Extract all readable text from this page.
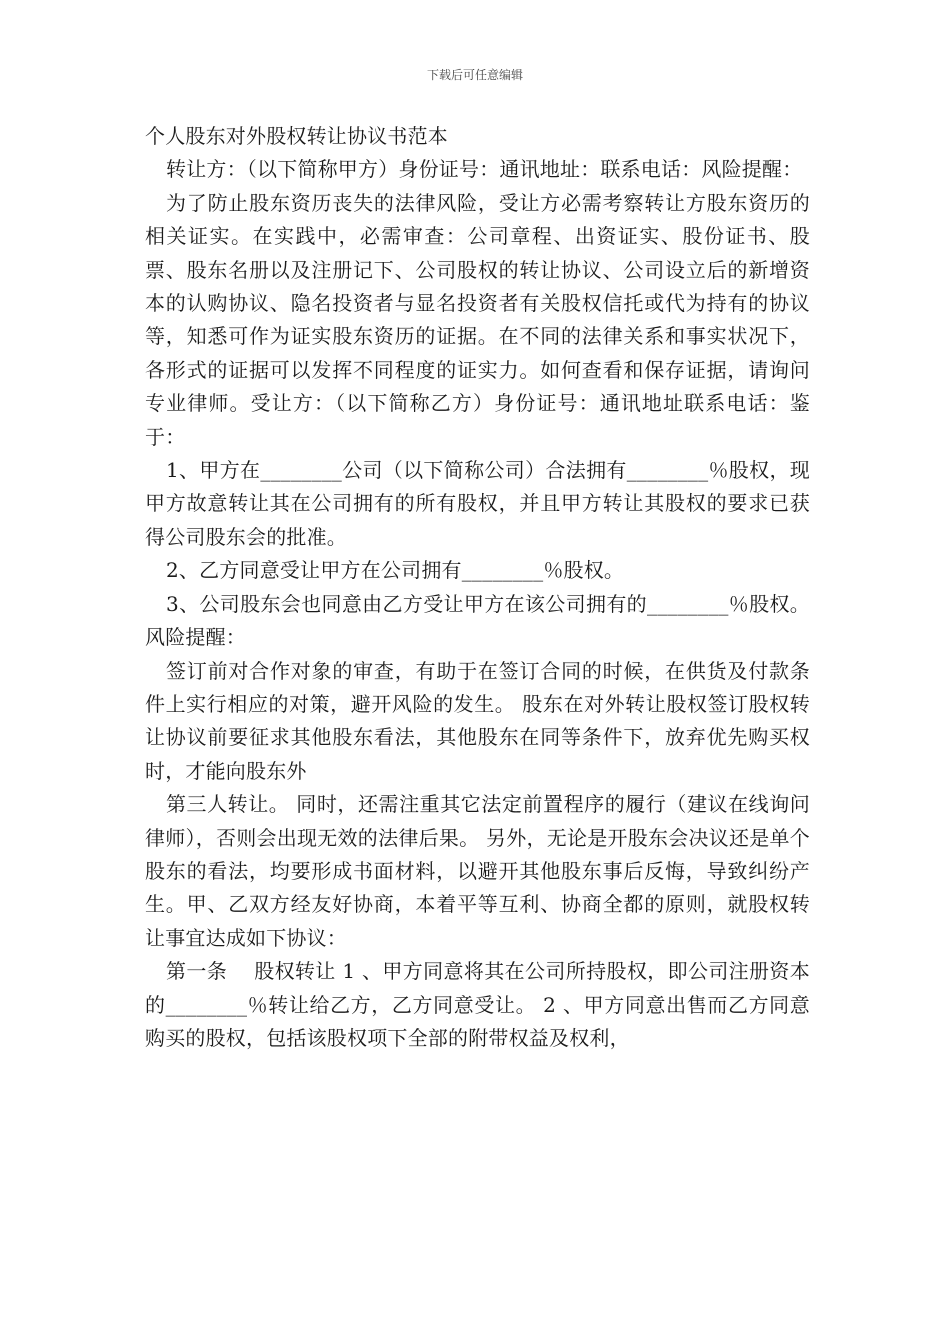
下载后可任意编辑

个人股东对外股权转让协议书范本

转让方：（以下简称甲方）身份证号：通讯地址：联系电话：风险提醒：

为了防止股东资历丧失的法律风险，受让方必需考察转让方股东资历的相关证实。在实践中，必需审查：公司章程、出资证实、股份证书、股票、股东名册以及注册记下、公司股权的转让协议、公司设立后的新增资本的认购协议、隐名投资者与显名投资者有关股权信托或代为持有的协议等，知悉可作为证实股东资历的证据。在不同的法律关系和事实状况下，各形式的证据可以发挥不同程度的证实力。如何查看和保存证据，请询问专业律师。受让方：（以下简称乙方）身份证号：通讯地址联系电话：鉴于：

1、甲方在________公司（以下简称公司）合法拥有________％股权，现甲方故意转让其在公司拥有的所有股权，并且甲方转让其股权的要求已获得公司股东会的批准。

2、乙方同意受让甲方在公司拥有________％股权。

3、公司股东会也同意由乙方受让甲方在该公司拥有的________％股权。风险提醒：

签订前对合作对象的审查，有助于在签订合同的时候，在供货及付款条件上实行相应的对策，避开风险的发生。 股东在对外转让股权签订股权转让协议前要征求其他股东看法，其他股东在同等条件下，放弃优先购买权时，才能向股东外

第三人转让。 同时，还需注重其它法定前置程序的履行（建议在线询问律师），否则会出现无效的法律后果。 另外，无论是开股东会决议还是单个股东的看法，均要形成书面材料，以避开其他股东事后反悔，导致纠纷产生。甲、乙双方经友好协商，本着平等互利、协商全都的原则，就股权转让事宜达成如下协议：

第一条　 股权转让 1 、甲方同意将其在公司所持股权，即公司注册资本的________％转让给乙方，乙方同意受让。 2 、甲方同意出售而乙方同意购买的股权，包括该股权项下全部的附带权益及权利，
